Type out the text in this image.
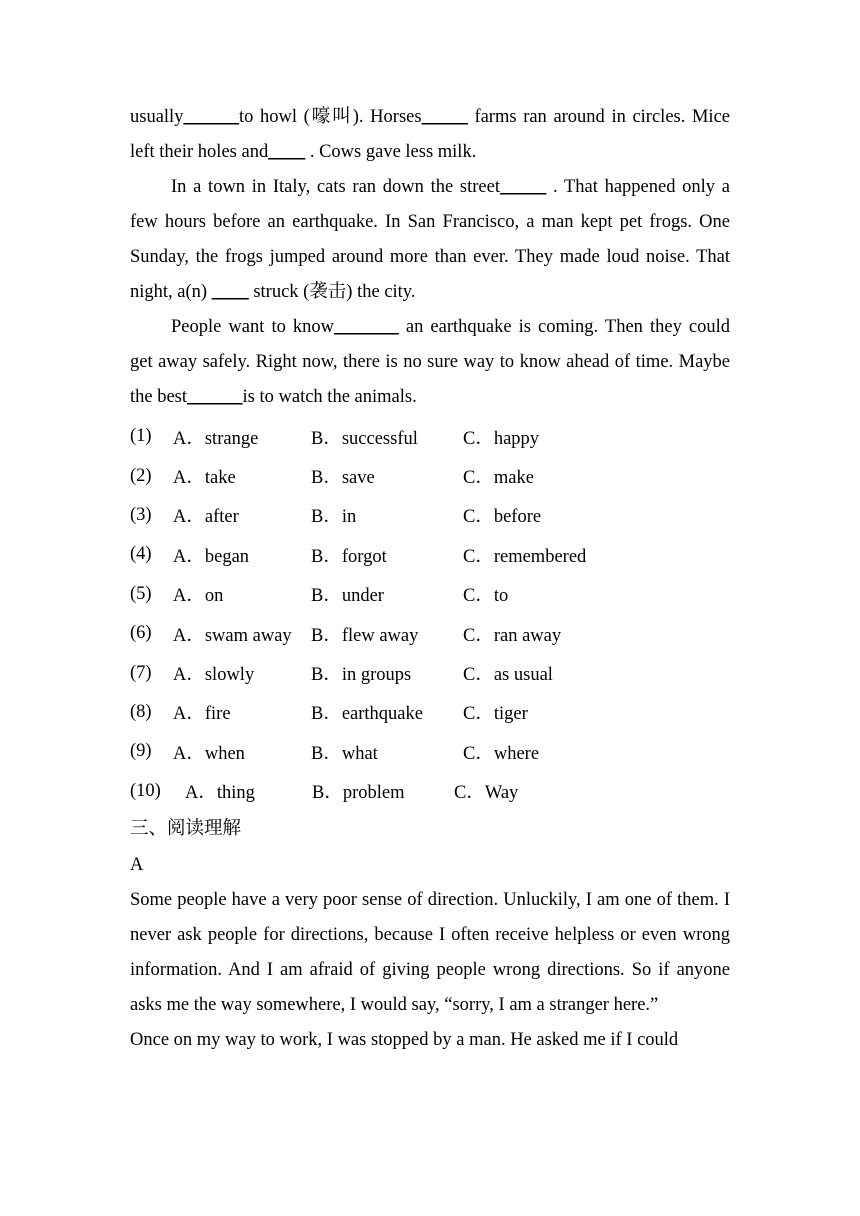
usually______to howl (嚎叫). Horses_____ farms ran around in circles. Mice left their holes and____ . Cows gave less milk.

In a town in Italy, cats ran down the street_____ . That happened only a few hours before an earthquake. In San Francisco, a man kept pet frogs. One Sunday, the frogs jumped around more than ever. They made loud noise. That night, a(n) ____ struck (袭击) the city.

People want to know_______ an earthquake is coming. Then they could get away safely. Right now, there is no sure way to know ahead of time. Maybe the best______is to watch the animals.

(1)	A．strange	B．successful	C．happy
(2)	A．take	B．save	C．make
(3)	A．after	B．in	C．before
(4)	A．began	B．forgot	C．remembered
(5)	A．on	B．under	C．to
(6)	A．swam away	B．flew away	C．ran away
(7)	A．slowly	B．in groups	C．as usual
(8)	A．fire	B．earthquake	C．tiger
(9)	A．when	B．what	C．where
(10)	A．thing	B．problem	C．Way

三、阅读理解

A

Some people have a very poor sense of direction. Unluckily, I am one of them. I never ask people for directions, because I often receive helpless or even wrong information. And I am afraid of giving people wrong directions. So if anyone asks me the way somewhere, I would say, “sorry, I am a stranger here.”

Once on my way to work, I was stopped by a man. He asked me if I could
